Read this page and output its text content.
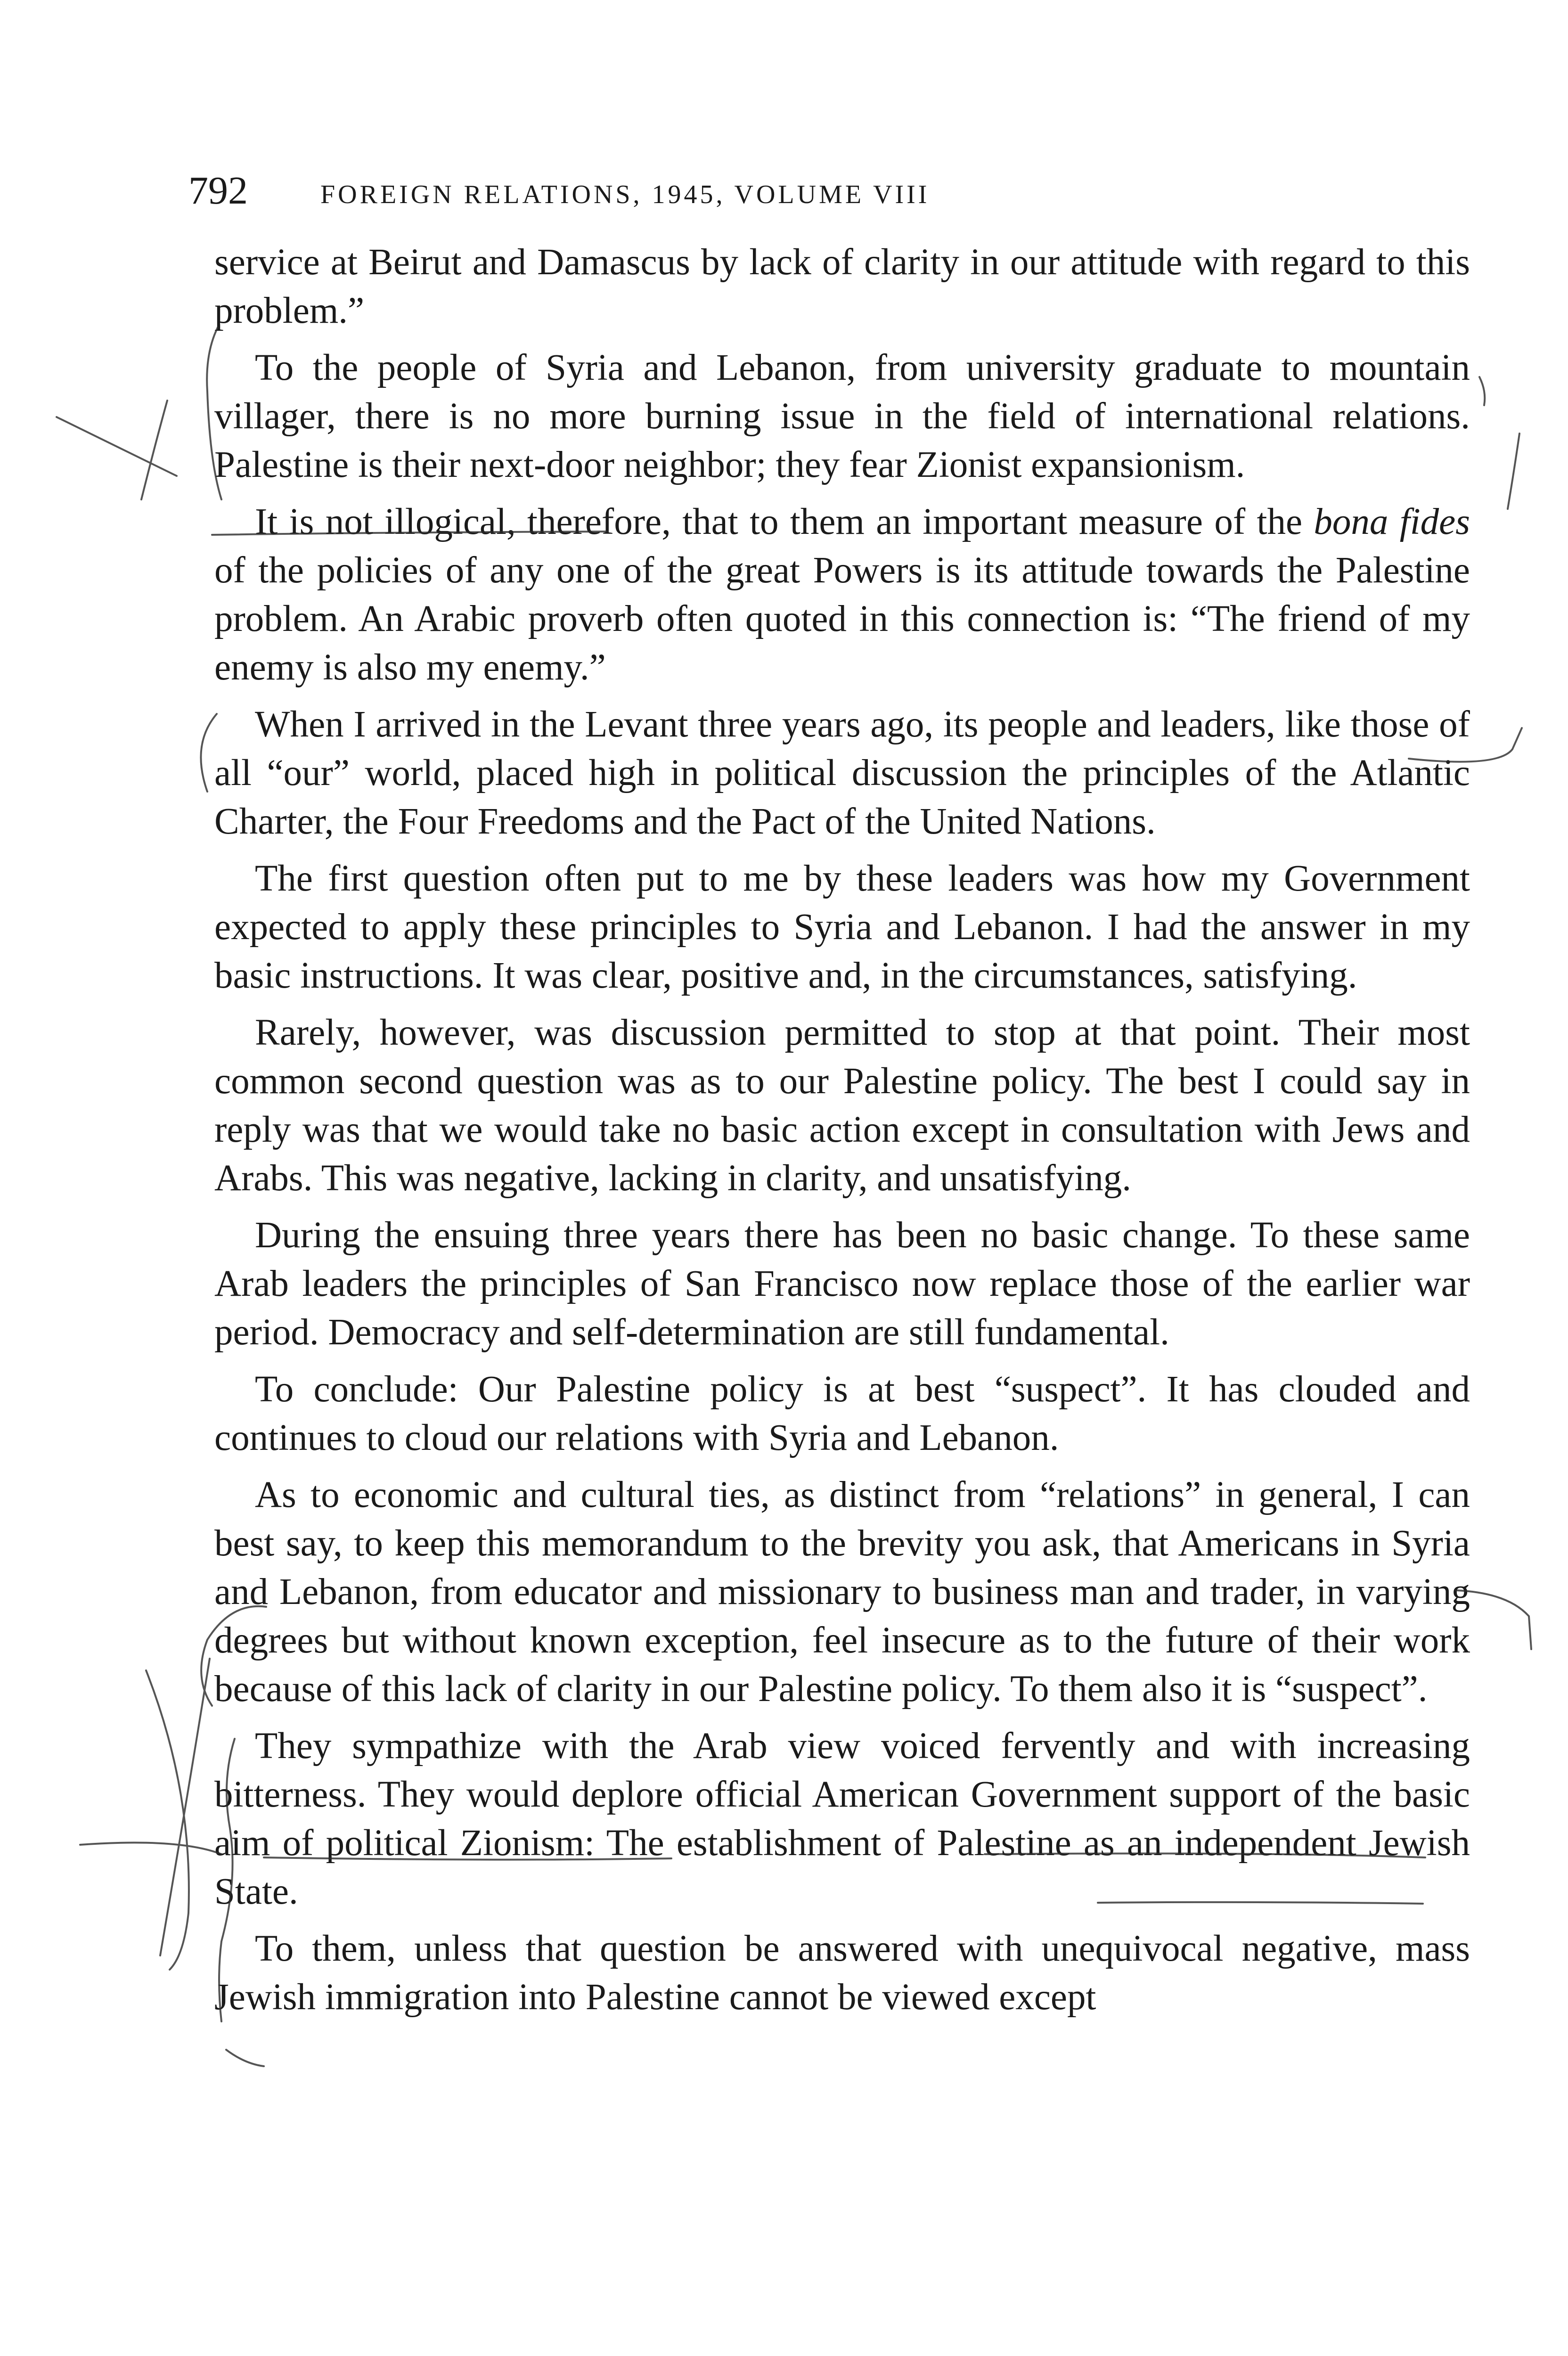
792	FOREIGN RELATIONS, 1945, VOLUME VIII

service at Beirut and Damascus by lack of clarity in our attitude with regard to this problem.”

To the people of Syria and Lebanon, from university graduate to mountain villager, there is no more burning issue in the field of international relations. Palestine is their next-door neighbor; they fear Zionist expansionism.

It is not illogical, therefore, that to them an important measure of the bona fides of the policies of any one of the great Powers is its attitude towards the Palestine problem. An Arabic proverb often quoted in this connection is: “The friend of my enemy is also my enemy.”

When I arrived in the Levant three years ago, its people and leaders, like those of all “our” world, placed high in political discussion the principles of the Atlantic Charter, the Four Freedoms and the Pact of the United Nations.

The first question often put to me by these leaders was how my Government expected to apply these principles to Syria and Lebanon. I had the answer in my basic instructions. It was clear, positive and, in the circumstances, satisfying.

Rarely, however, was discussion permitted to stop at that point. Their most common second question was as to our Palestine policy. The best I could say in reply was that we would take no basic action except in consultation with Jews and Arabs. This was negative, lacking in clarity, and unsatisfying.

During the ensuing three years there has been no basic change. To these same Arab leaders the principles of San Francisco now replace those of the earlier war period. Democracy and self-determination are still fundamental.

To conclude: Our Palestine policy is at best “suspect”. It has clouded and continues to cloud our relations with Syria and Lebanon.

As to economic and cultural ties, as distinct from “relations” in general, I can best say, to keep this memorandum to the brevity you ask, that Americans in Syria and Lebanon, from educator and missionary to business man and trader, in varying degrees but without known exception, feel insecure as to the future of their work because of this lack of clarity in our Palestine policy. To them also it is “suspect”.

They sympathize with the Arab view voiced fervently and with increasing bitterness. They would deplore official American Government support of the basic aim of political Zionism: The establishment of Palestine as an independent Jewish State.

To them, unless that question be answered with unequivocal negative, mass Jewish immigration into Palestine cannot be viewed except
